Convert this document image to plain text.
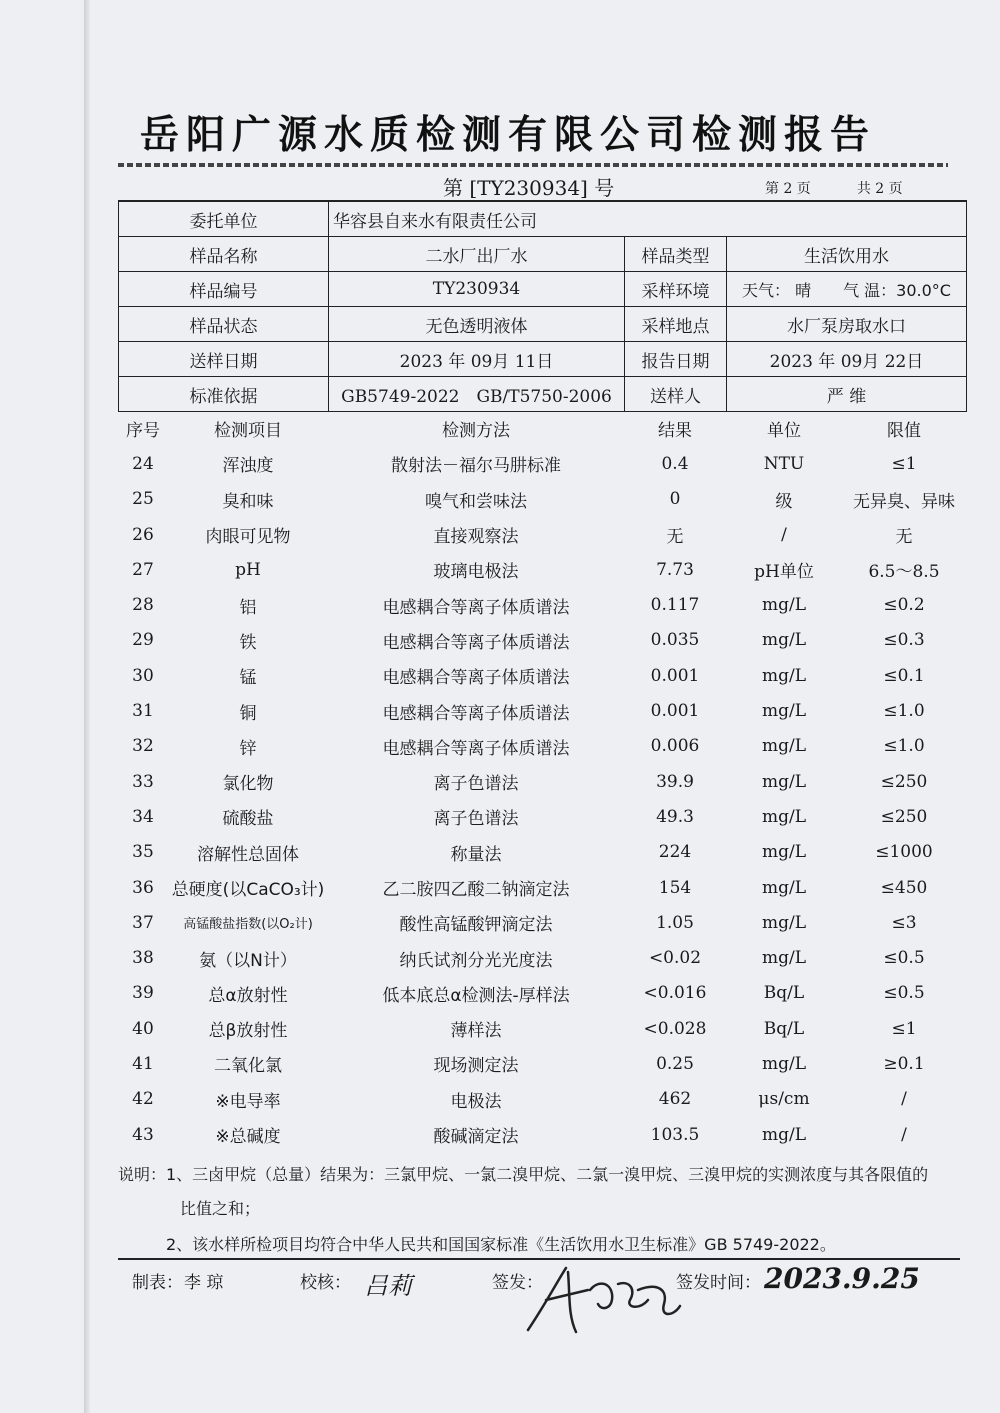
岳阳广源水质检测有限公司检测报告
第 [TY230934] 号	第 2 页	共 2 页
委托单位	华容县自来水有限责任公司		
样品名称	二水厂出厂水	样品类型	生活饮用水
样品编号	TY230934	采样环境	天气： 晴　　气 温：30.0°C
样品状态	无色透明液体	采样地点	水厂泵房取水口
送样日期	2023 年 09月 11日	报告日期	2023 年 09月 22日
标准依据	GB5749-2022　GB/T5750-2006	送样人	严 维
序号	检测项目	检测方法	结果	单位	限值
24	浑浊度	散射法－福尔马肼标准	0.4	NTU	≤1
25	臭和味	嗅气和尝味法	0	级	无异臭、异味
26	肉眼可见物	直接观察法	无	/	无
27	pH	玻璃电极法	7.73	pH单位	6.5～8.5
28	铝	电感耦合等离子体质谱法	0.117	mg/L	≤0.2
29	铁	电感耦合等离子体质谱法	0.035	mg/L	≤0.3
30	锰	电感耦合等离子体质谱法	0.001	mg/L	≤0.1
31	铜	电感耦合等离子体质谱法	0.001	mg/L	≤1.0
32	锌	电感耦合等离子体质谱法	0.006	mg/L	≤1.0
33	氯化物	离子色谱法	39.9	mg/L	≤250
34	硫酸盐	离子色谱法	49.3	mg/L	≤250
35	溶解性总固体	称量法	224	mg/L	≤1000
36	总硬度(以CaCO₃计)	乙二胺四乙酸二钠滴定法	154	mg/L	≤450
37	高锰酸盐指数(以O₂计)	酸性高锰酸钾滴定法	1.05	mg/L	≤3
38	氨（以N计）	纳氏试剂分光光度法	<0.02	mg/L	≤0.5
39	总α放射性	低本底总α检测法-厚样法	<0.016	Bq/L	≤0.5
40	总β放射性	薄样法	<0.028	Bq/L	≤1
41	二氧化氯	现场测定法	0.25	mg/L	≥0.1
42	※电导率	电极法	462	μs/cm	/
43	※总碱度	酸碱滴定法	103.5	mg/L	/
说明：1、三卤甲烷（总量）结果为：三氯甲烷、一氯二溴甲烷、二氯一溴甲烷、三溴甲烷的实测浓度与其各限值的
比值之和；
2、该水样所检项目均符合中华人民共和国国家标准《生活饮用水卫生标准》GB 5749-2022。
制表： 李 琼	校核： 吕莉	签发：	签发时间： 2023.9.25
